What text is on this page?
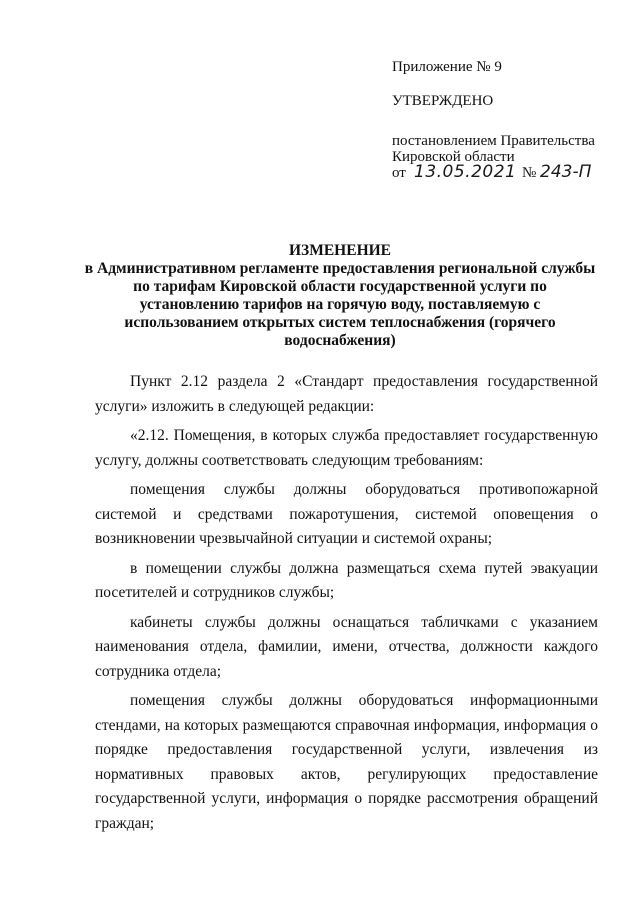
Приложение № 9
УТВЕРЖДЕНО
постановлением Правительства
Кировской области
от 13.05.2021 № 243-П
ИЗМЕНЕНИЕ
в Административном регламенте предоставления региональной службы
по тарифам Кировской области государственной услуги по
установлению тарифов на горячую воду, поставляемую с
использованием открытых систем теплоснабжения (горячего
водоснабжения)

Пункт 2.12 раздела 2 «Стандарт предоставления государственной услуги» изложить в следующей редакции:

«2.12. Помещения, в которых служба предоставляет государственную услугу, должны соответствовать следующим требованиям:

помещения службы должны оборудоваться противопожарной системой и средствами пожаротушения, системой оповещения о возникновении чрезвычайной ситуации и системой охраны;

в помещении службы должна размещаться схема путей эвакуации посетителей и сотрудников службы;

кабинеты службы должны оснащаться табличками с указанием наименования отдела, фамилии, имени, отчества, должности каждого сотрудника отдела;

помещения службы должны оборудоваться информационными стендами, на которых размещаются справочная информация, информация о порядке предоставления государственной услуги, извлечения из нормативных правовых актов, регулирующих предоставление государственной услуги, информация о порядке рассмотрения обращений граждан;
